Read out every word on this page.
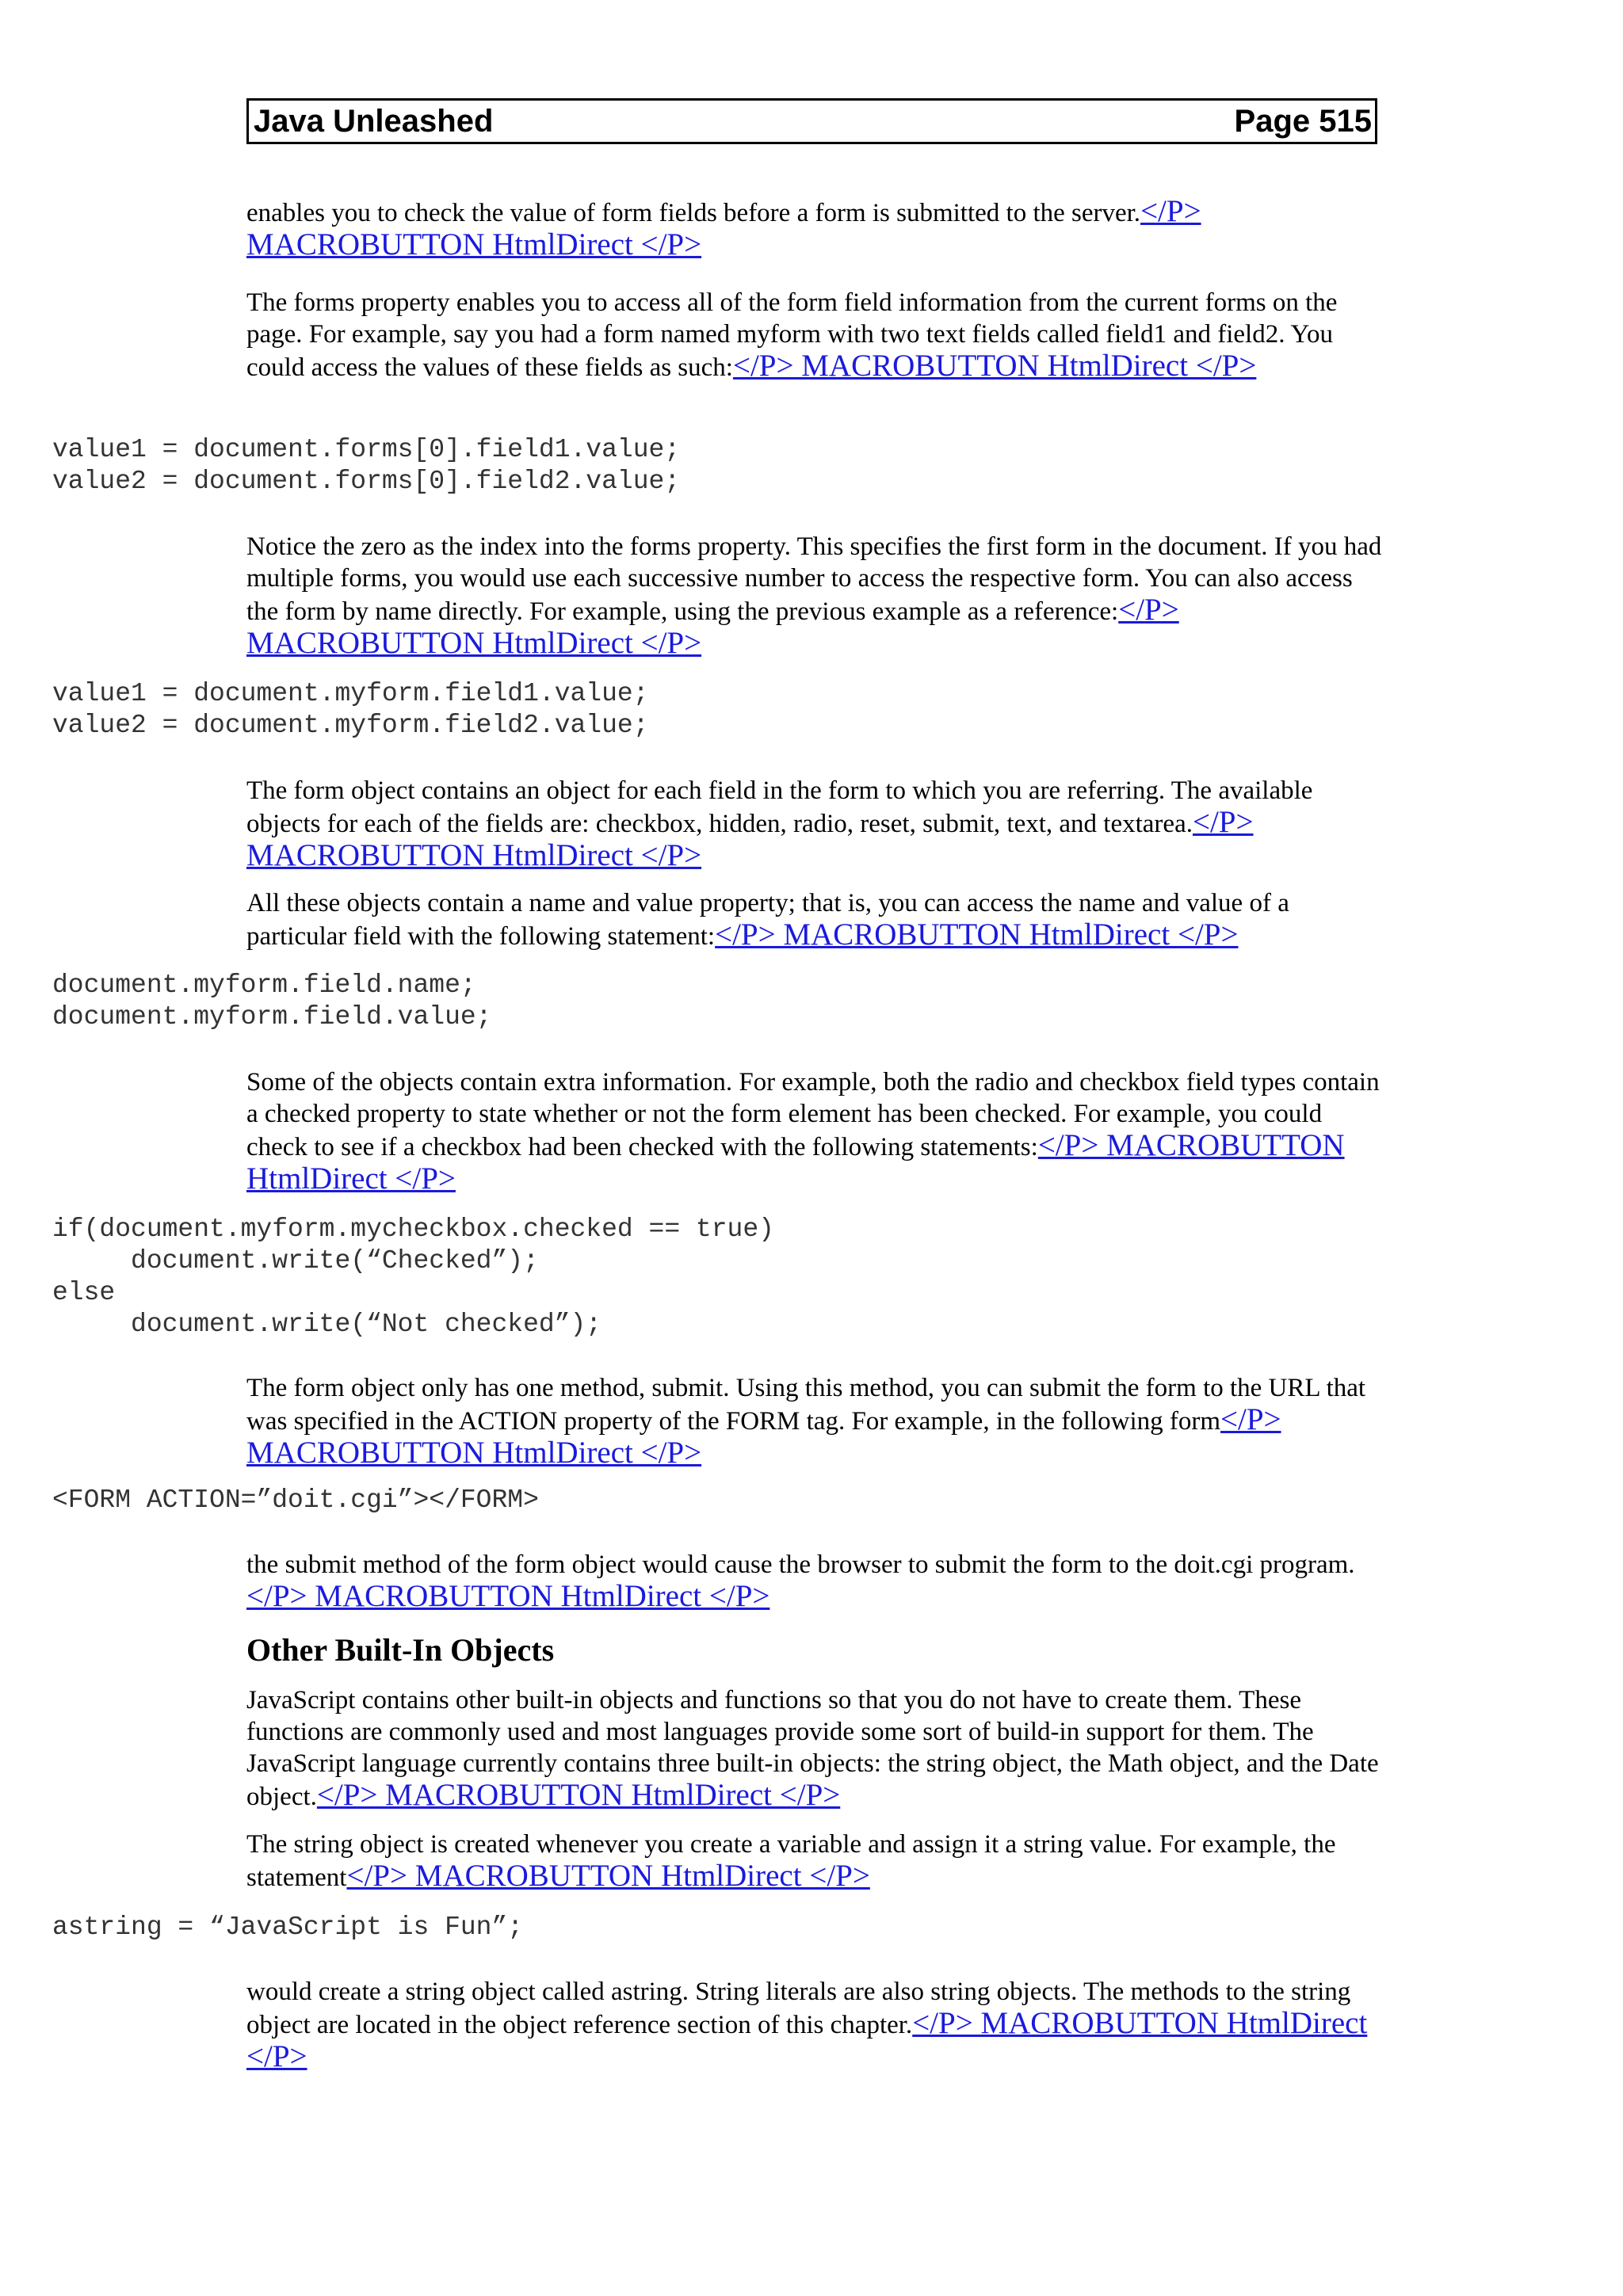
Java Unleashed	Page 515

enables you to check the value of form fields before a form is submitted to the server.</P> MACROBUTTON HtmlDirect </P>

The forms property enables you to access all of the form field information from the current forms on the page. For example, say you had a form named myform with two text fields called field1 and field2. You could access the values of these fields as such:</P> MACROBUTTON HtmlDirect </P>

value1 = document.forms[0].field1.value;
value2 = document.forms[0].field2.value;

Notice the zero as the index into the forms property. This specifies the first form in the document. If you had multiple forms, you would use each successive number to access the respective form. You can also access the form by name directly. For example, using the previous example as a reference:</P> MACROBUTTON HtmlDirect </P>

value1 = document.myform.field1.value;
value2 = document.myform.field2.value;

The form object contains an object for each field in the form to which you are referring. The available objects for each of the fields are: checkbox, hidden, radio, reset, submit, text, and textarea.</P> MACROBUTTON HtmlDirect </P>

All these objects contain a name and value property; that is, you can access the name and value of a particular field with the following statement:</P> MACROBUTTON HtmlDirect </P>

document.myform.field.name;
document.myform.field.value;

Some of the objects contain extra information. For example, both the radio and checkbox field types contain a checked property to state whether or not the form element has been checked. For example, you could check to see if a checkbox had been checked with the following statements:</P> MACROBUTTON HtmlDirect </P>

if(document.myform.mycheckbox.checked == true)
document.write(“Checked”);
else
document.write(“Not checked”);

The form object only has one method, submit. Using this method, you can submit the form to the URL that was specified in the ACTION property of the FORM tag. For example, in the following form</P> MACROBUTTON HtmlDirect </P>

<FORM ACTION=”doit.cgi”></FORM>

the submit method of the form object would cause the browser to submit the form to the doit.cgi program.</P> MACROBUTTON HtmlDirect </P>

Other Built-In Objects

JavaScript contains other built-in objects and functions so that you do not have to create them. These functions are commonly used and most languages provide some sort of build-in support for them. The JavaScript language currently contains three built-in objects: the string object, the Math object, and the Date object.</P> MACROBUTTON HtmlDirect </P>

The string object is created whenever you create a variable and assign it a string value. For example, the statement</P> MACROBUTTON HtmlDirect </P>

astring = “JavaScript is Fun”;

would create a string object called astring. String literals are also string objects. The methods to the string object are located in the object reference section of this chapter.</P> MACROBUTTON HtmlDirect </P>
